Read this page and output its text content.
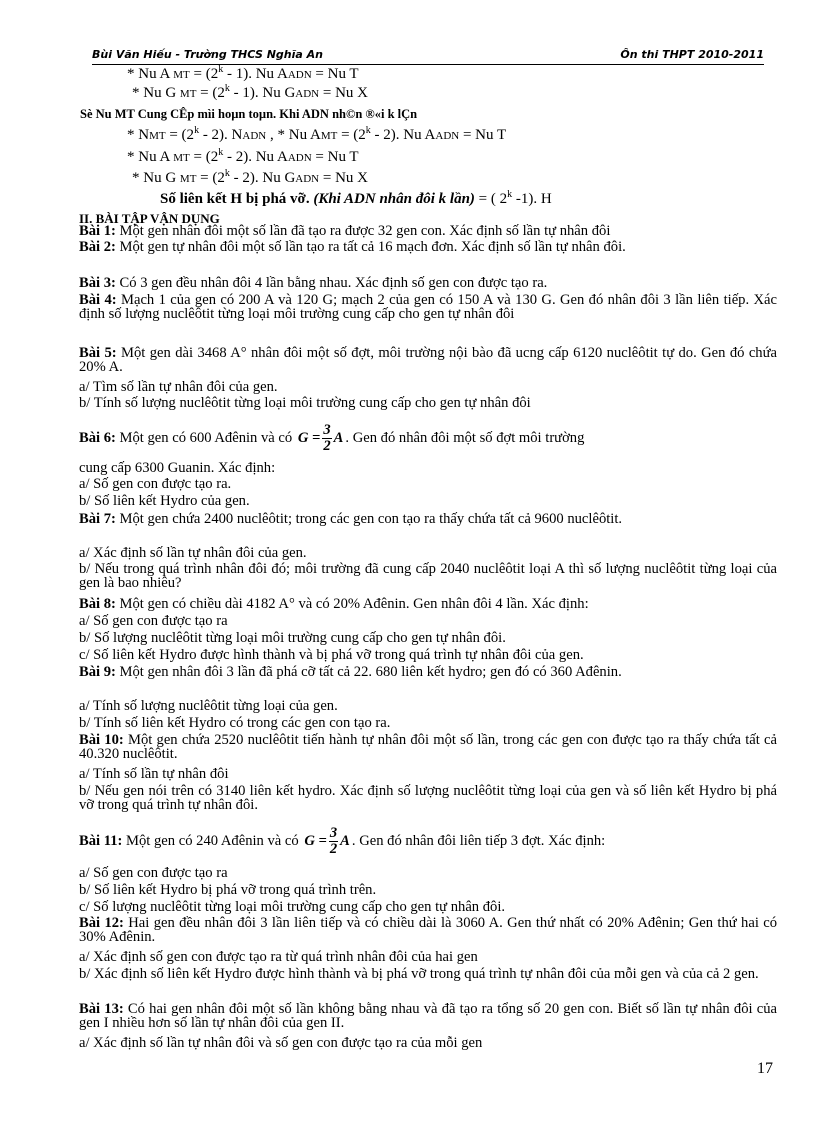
Bùi Văn Hiếu - Trường THCS Nghĩa An	Ôn thi THPT 2010-2011
* Nu A MT = $(2^k - 1)$. Nu AADN = Nu T
* Nu G MT = $(2^k - 1)$. Nu GADN = Nu X
Sè Nu MT Cung CÊp mìi hoµn toµn. Khi ADN nh©n ®«i k lÇn
* NMT = $(2^k - 2)$. NADN , * Nu AMT = $(2^k - 2)$. Nu AADN = Nu T
* Nu A MT = $(2^k - 2)$. Nu AADN = Nu T
* Nu G MT = $(2^k - 2)$. Nu GADN = Nu X
Số liên kết H bị phá vỡ. (Khi ADN nhân đôi k lần) = ( 2$^k$ -1). H
II. BÀI TẬP VẬN DỤNG
Bài 1: Một gen nhân đôi một số lần đã tạo ra được 32 gen con. Xác định số lần tự nhân đôi
Bài 2: Một gen tự nhân đôi một số lần tạo ra tất cả 16 mạch đơn. Xác định số lần tự nhân đôi.
Bài 3: Có 3 gen đều nhân đôi 4 lần bằng nhau. Xác định số gen con được tạo ra.
Bài 4: Mạch 1 của gen có 200 A và 120 G; mạch 2 của gen có 150 A và 130 G. Gen đó nhân đôi 3 lần liên tiếp. Xác định số lượng nuclêôtit từng loại môi trường cung cấp cho gen tự nhân đôi
Bài 5: Một gen dài 3468 A° nhân đôi một số đợt, môi trường nội bào đã ucng cấp 6120 nuclêôtit tự do. Gen đó chứa 20% A.
a/ Tìm số lần tự nhân đôi của gen.
b/ Tính số lượng nuclêôtit từng loại môi trường cung cấp cho gen tự nhân đôi
Bài 6: Một gen có 600 Ađênin và có $G = \frac{3}{2}$ A . Gen đó nhân đôi một số đợt môi trường
cung cấp 6300 Guanin. Xác định:
a/ Số gen con được tạo ra.
b/ Số liên kết Hydro của gen.
Bài 7: Một gen chứa 2400 nuclêôtit; trong các gen con tạo ra thấy chứa tất cả 9600 nuclêôtit.
a/ Xác định số lần tự nhân đôi của gen.
b/ Nếu trong quá trình nhân đôi đó; môi trường đã cung cấp 2040 nuclêôtit loại A thì số lượng nuclêôtit từng loại của gen là bao nhiêu?
Bài 8: Một gen có chiều dài 4182 A° và có 20% Ađênin. Gen nhân đôi 4 lần. Xác định:
a/ Số gen con được tạo ra
b/ Số lượng nuclêôtit từng loại môi trường cung cấp cho gen tự nhân đôi.
c/ Số liên kết Hydro được hình thành và bị phá vỡ trong quá trình tự nhân đôi của gen.
Bài 9: Một gen nhân đôi 3 lần đã phá cỡ tất cả 22. 680 liên kết hydro; gen đó có 360 Ađênin.
a/ Tính số lượng nuclêôtit từng loại của gen.
b/ Tính số liên kết Hydro có trong các gen con tạo ra.
Bài 10: Một gen chứa 2520 nuclêôtit tiến hành tự nhân đôi một số lần, trong các gen con được tạo ra thấy chứa tất cả 40.320 nuclêôtit.
a/ Tính số lần tự nhân đôi
b/ Nếu gen nói trên có 3140 liên kết hydro. Xác định số lượng nuclêôtit từng loại của gen và số liên kết Hydro bị phá vỡ trong quá trình tự nhân đôi.
Bài 11: Một gen có 240 Ađênin và có $G = \frac{3}{2}$ A . Gen đó nhân đôi liên tiếp 3 đợt. Xác định:
a/ Số gen con được tạo ra
b/ Số liên kết Hydro bị phá vỡ trong quá trình trên.
c/ Số lượng nuclêôtit từng loại môi trường cung cấp cho gen tự nhân đôi.
Bài 12: Hai gen đều nhân đôi 3 lần liên tiếp và có chiều dài là 3060 A. Gen thứ nhất có 20% Ađênin; Gen thứ hai có 30% Ađênin.
a/ Xác định số gen con được tạo ra từ quá trình nhân đôi của hai gen
b/ Xác định số liên kết Hydro được hình thành và bị phá vỡ trong quá trình tự nhân đôi của mỗi gen và của cả 2 gen.
Bài 13: Có hai gen nhân đôi một số lần không bằng nhau và đã tạo ra tổng số 20 gen con. Biết số lần tự nhân đôi của gen I nhiều hơn số lần tự nhân đôi của gen II.
a/ Xác định số lần tự nhân đôi và số gen con được tạo ra của mỗi gen
17
